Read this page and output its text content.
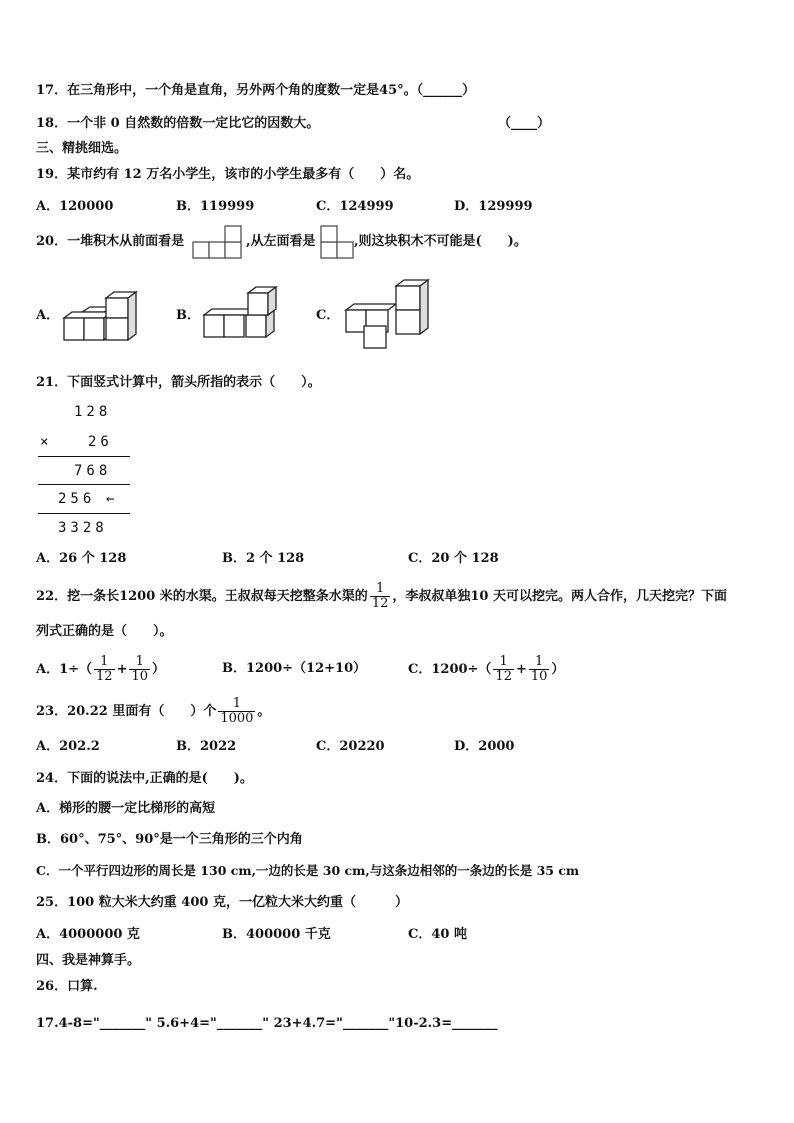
17．在三角形中，一个角是直角，另外两个角的度数一定是45°。（______）
18．一个非 0 自然数的倍数一定比它的因数大。	（____）
三、精挑细选。
19．某市约有 12 万名小学生，该市的小学生最多有（　　）名。
A．120000	B．119999	C．124999	D．129999
20．一堆积木从前面看是	,从左面看是	,则这块积木不可能是(　　)。
A．	B．	C．
21．下面竖式计算中，箭头所指的表示（　　）。
128
×	26
768
256 ←
3328
A．26 个 128	B．2 个 128	C．20 个 128
22．挖一条长1200 米的水渠。王叔叔每天挖整条水渠的 $\frac{1}{12}$ ，李叔叔单独10 天可以挖完。两人合作，几天挖完？下面
列式正确的是（　　）。
A．$1\div( \frac{1}{12} + \frac{1}{10}$ ）	B．1200÷（12+10）	C．$1200\div( \frac{1}{12} + \frac{1}{10}$ ）
23．20.22 里面有（　　）个 $\frac{1}{1000}$ 。
A．202.2	B．2022	C．20220	D．2000
24．下面的说法中,正确的是(　　)。
A．梯形的腰一定比梯形的高短
B．60°、75°、90°是一个三角形的三个内角
C．一个平行四边形的周长是 130 cm,一边的长是 30 cm,与这条边相邻的一条边的长是 35 cm
25．100 粒大米大约重 400 克，一亿粒大米大约重（　　　）
A．4000000 克	B．400000 千克	C．40 吨
四、我是神算手。
26．口算.
17.4-8="_______" 5.6+4="_______" 23+4.7="_______"10-2.3=_______
